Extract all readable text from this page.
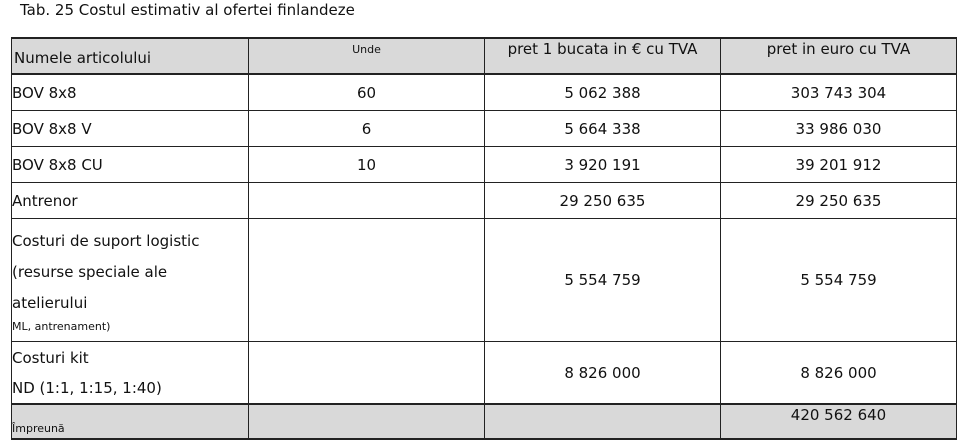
Tab. 25 Costul estimativ al ofertei finlandeze
Numele articolului	Unde	pret 1 bucata in € cu TVA	pret in euro cu TVA
BOV 8x8	60	5 062 388	303 743 304
BOV 8x8 V	6	5 664 338	33 986 030
BOV 8x8 CU	10	3 920 191	39 201 912
Antrenor		29 250 635	29 250 635

Costuri de suport logistic
(resurse speciale ale
atelierului
ML, antrenament)		5 554 759	5 554 759

Costuri kit
ND (1:1, 1:15, 1:40)		8 826 000	8 826 000
Împreună			420 562 640
